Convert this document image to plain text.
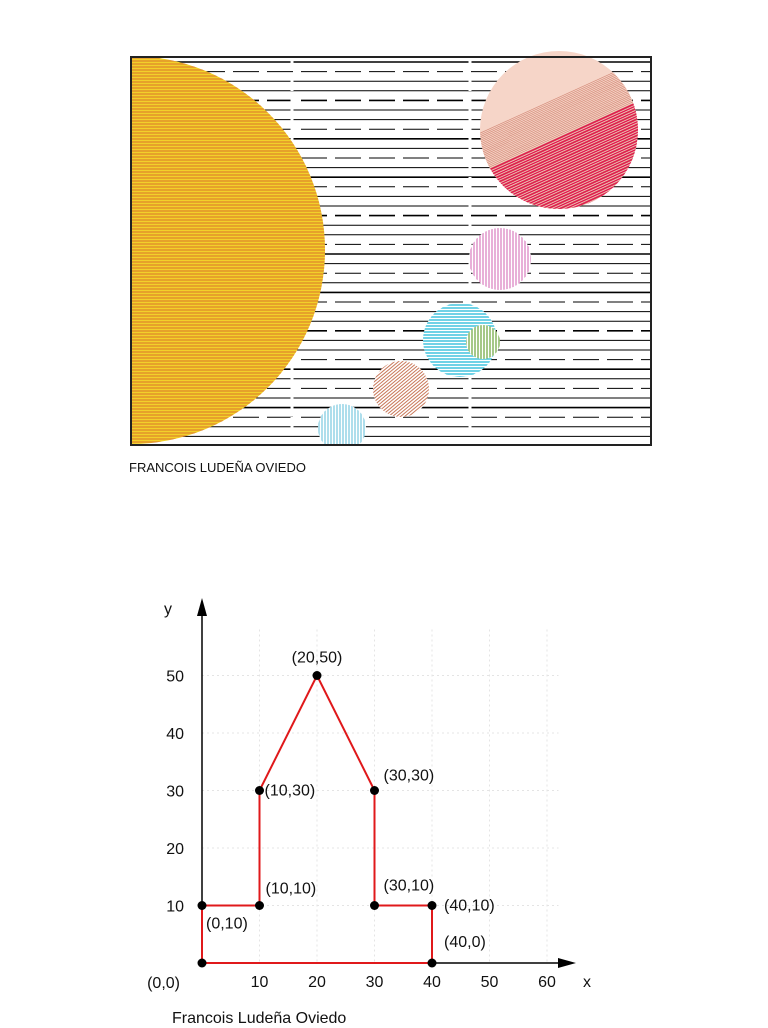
FRANCOIS LUDEÑA OVIEDO
x
y
10 20 30 40 50 60
10
20
30
40
50
(0,0)
(0,10)
(10,10)
(10,30)
(20,50)
(30,30)
(30,10)
(40,10)
(40,0)
Francois Ludeña Oviedo
